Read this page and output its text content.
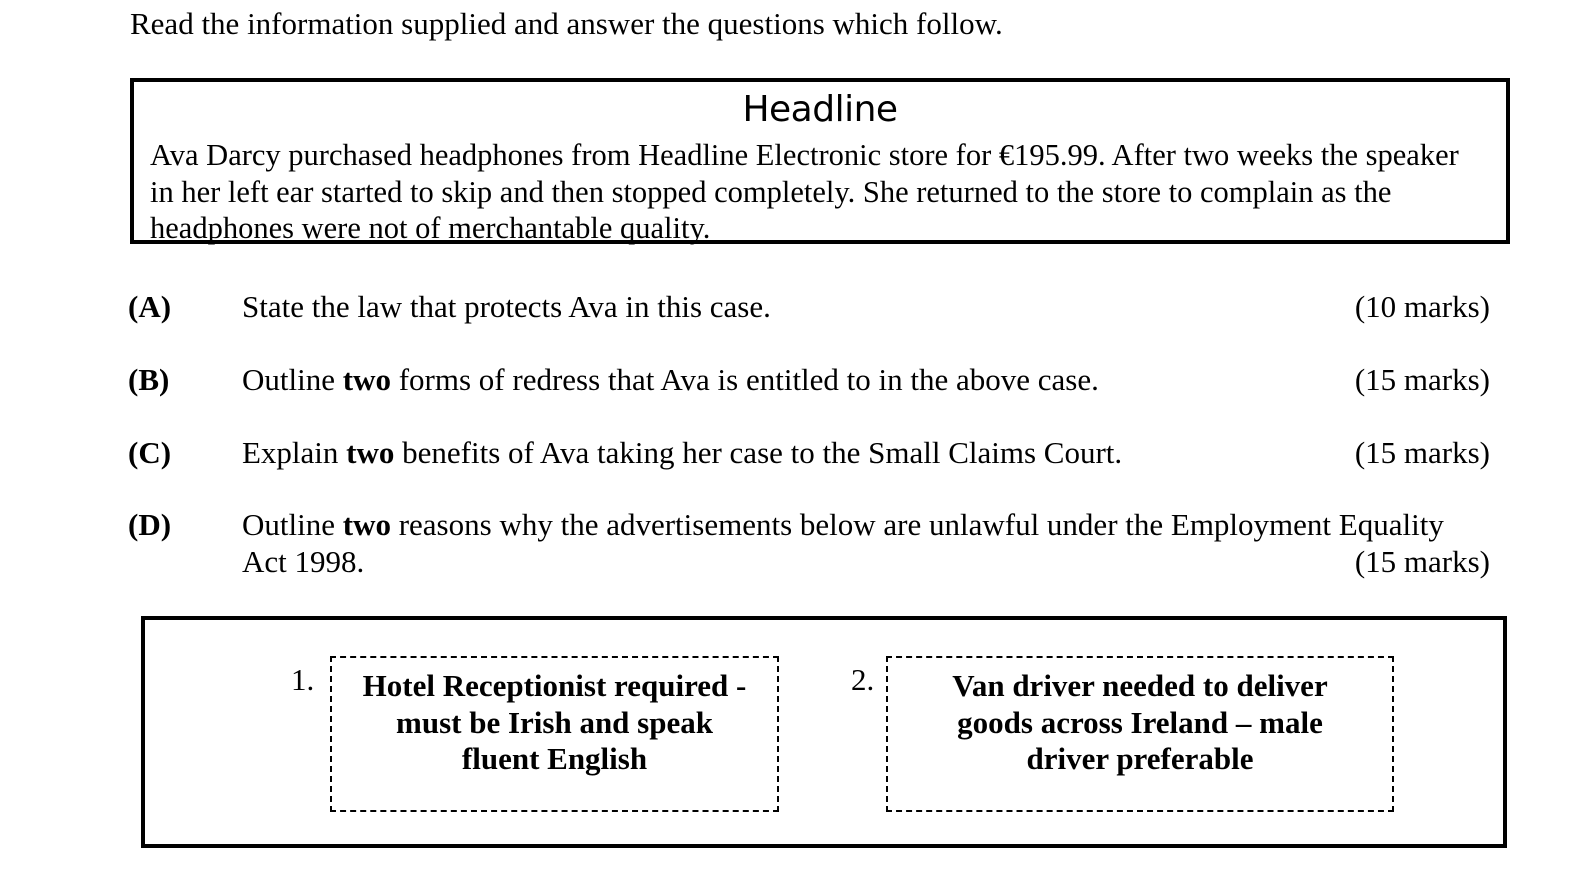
Read the information supplied and answer the questions which follow.
Headline
Ava Darcy purchased headphones from Headline Electronic store for €195.99. After two weeks the speaker in her left ear started to skip and then stopped completely. She returned to the store to complain as the headphones were not of merchantable quality.
(A) State the law that protects Ava in this case.	(10 marks)
(B) Outline two forms of redress that Ava is entitled to in the above case.	(15 marks)
(C) Explain two benefits of Ava taking her case to the Small Claims Court.	(15 marks)
(D) Outline two reasons why the advertisements below are unlawful under the Employment Equality Act 1998.	(15 marks)
1.	Hotel Receptionist required - must be Irish and speak fluent English
2.	Van driver needed to deliver goods across Ireland – male driver preferable
